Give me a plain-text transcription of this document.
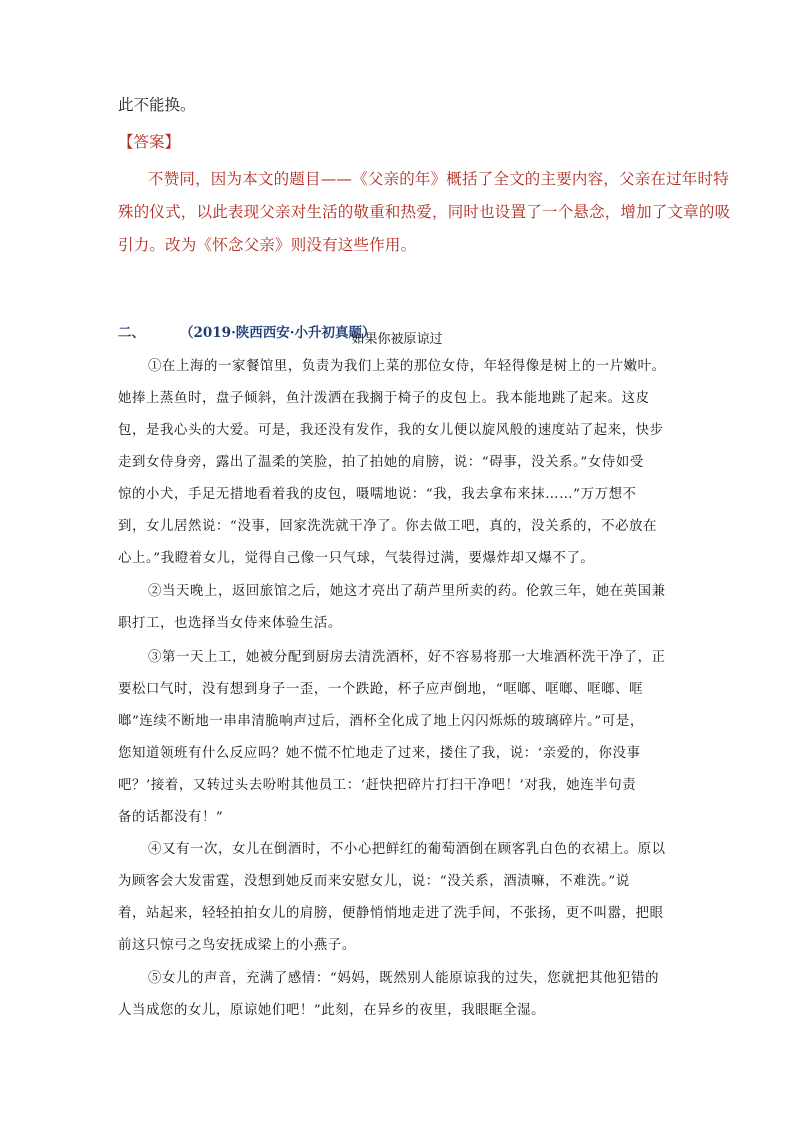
此不能换。
【答案】
不赞同，因为本文的题目——《父亲的年》概括了全文的主要内容，父亲在过年时特
殊的仪式，以此表现父亲对生活的敬重和热爱，同时也设置了一个悬念，增加了文章的吸
引力。改为《怀念父亲》则没有这些作用。
二、	（2019·陕西西安·小升初真题）
如果你被原谅过
①在上海的一家餐馆里，负责为我们上菜的那位女侍，年轻得像是树上的一片嫩叶。
她捧上蒸鱼时，盘子倾斜，鱼汁泼洒在我搁于椅子的皮包上。我本能地跳了起来。这皮
包，是我心头的大爱。可是，我还没有发作，我的女儿便以旋风般的速度站了起来，快步
走到女侍身旁，露出了温柔的笑脸，拍了拍她的肩膀，说：“碍事，没关系。”女侍如受
惊的小犬，手足无措地看着我的皮包，嗫嚅地说：“我，我去拿布来抹……”万万想不
到，女儿居然说：“没事，回家洗洗就干净了。你去做工吧，真的，没关系的，不必放在
心上。”我瞪着女儿，觉得自己像一只气球，气装得过满，要爆炸却又爆不了。
②当天晚上，返回旅馆之后，她这才亮出了葫芦里所卖的药。伦敦三年，她在英国兼
职打工，也选择当女侍来体验生活。
③第一天上工，她被分配到厨房去清洗酒杯，好不容易将那一大堆酒杯洗干净了，正
要松口气时，没有想到身子一歪，一个跌跄，杯子应声倒地，“哐啷、哐啷、哐啷、哐
啷”连续不断地一串串清脆响声过后，酒杯全化成了地上闪闪烁烁的玻璃碎片。”可是，
您知道领班有什么反应吗？她不慌不忙地走了过来，搂住了我，说：‘亲爱的，你没事
吧？’接着，又转过头去吩咐其他员工：‘赶快把碎片打扫干净吧！’对我，她连半句责
备的话都没有！”
④又有一次，女儿在倒酒时，不小心把鲜红的葡萄酒倒在顾客乳白色的衣裙上。原以
为顾客会大发雷霆，没想到她反而来安慰女儿，说：“没关系，酒渍嘛，不难洗。”说
着，站起来，轻轻拍拍女儿的肩膀，便静悄悄地走进了洗手间，不张扬，更不叫嚣，把眼
前这只惊弓之鸟安抚成梁上的小燕子。
⑤女儿的声音，充满了感情：“妈妈，既然别人能原谅我的过失，您就把其他犯错的
人当成您的女儿，原谅她们吧！”此刻，在异乡的夜里，我眼眶全湿。
